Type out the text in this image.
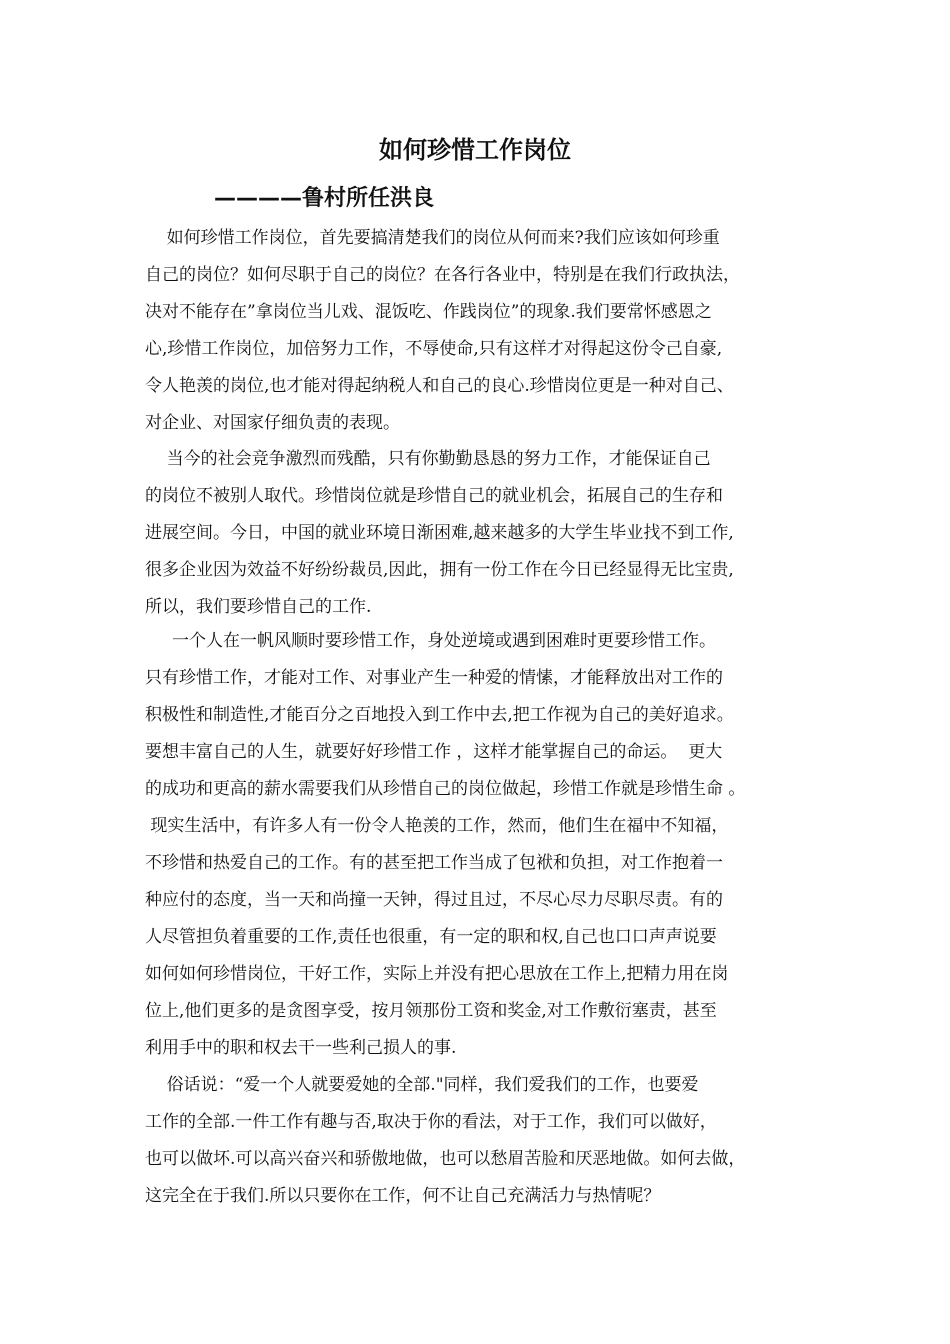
如何珍惜工作岗位
————鲁村所任洪良

如何珍惜工作岗位，首先要搞清楚我们的岗位从何而来?我们应该如何珍重

自己的岗位？如何尽职于自己的岗位？在各行各业中，特别是在我们行政执法，

决对不能存在”拿岗位当儿戏、混饭吃、作践岗位”的现象.我们要常怀感恩之

心,珍惜工作岗位，加倍努力工作，不辱使命,只有这样才对得起这份令己自豪,

令人艳羡的岗位,也才能对得起纳税人和自己的良心.珍惜岗位更是一种对自己、

对企业、对国家仔细负责的表现。

当今的社会竞争激烈而残酷，只有你勤勤恳恳的努力工作，才能保证自己

的岗位不被别人取代。珍惜岗位就是珍惜自己的就业机会，拓展自己的生存和

进展空间。今日，中国的就业环境日渐困难,越来越多的大学生毕业找不到工作,

很多企业因为效益不好纷纷裁员,因此，拥有一份工作在今日已经显得无比宝贵,

所以，我们要珍惜自己的工作.

一个人在一帆风顺时要珍惜工作，身处逆境或遇到困难时更要珍惜工作。

只有珍惜工作，才能对工作、对事业产生一种爱的情愫，才能释放出对工作的

积极性和制造性,才能百分之百地投入到工作中去,把工作视为自己的美好追求。

要想丰富自己的人生，就要好好珍惜工作 ，这样才能掌握自己的命运。  更大

的成功和更高的薪水需要我们从珍惜自己的岗位做起，珍惜工作就是珍惜生命 。

现实生活中，有许多人有一份令人艳羡的工作，然而，他们生在福中不知福，

不珍惜和热爱自己的工作。有的甚至把工作当成了包袱和负担，对工作抱着一

种应付的态度，当一天和尚撞一天钟，得过且过，不尽心尽力尽职尽责。有的

人尽管担负着重要的工作,责任也很重，有一定的职和权,自己也口口声声说要

如何如何珍惜岗位，干好工作，实际上并没有把心思放在工作上,把精力用在岗

位上,他们更多的是贪图享受，按月领那份工资和奖金,对工作敷衍塞责，甚至

利用手中的职和权去干一些利己损人的事.

俗话说：“爱一个人就要爱她的全部."同样，我们爱我们的工作，也要爱

工作的全部.一件工作有趣与否,取决于你的看法，对于工作，我们可以做好，

也可以做坏.可以高兴奋兴和骄傲地做，也可以愁眉苦脸和厌恶地做。如何去做，

这完全在于我们.所以只要你在工作，何不让自己充满活力与热情呢？
